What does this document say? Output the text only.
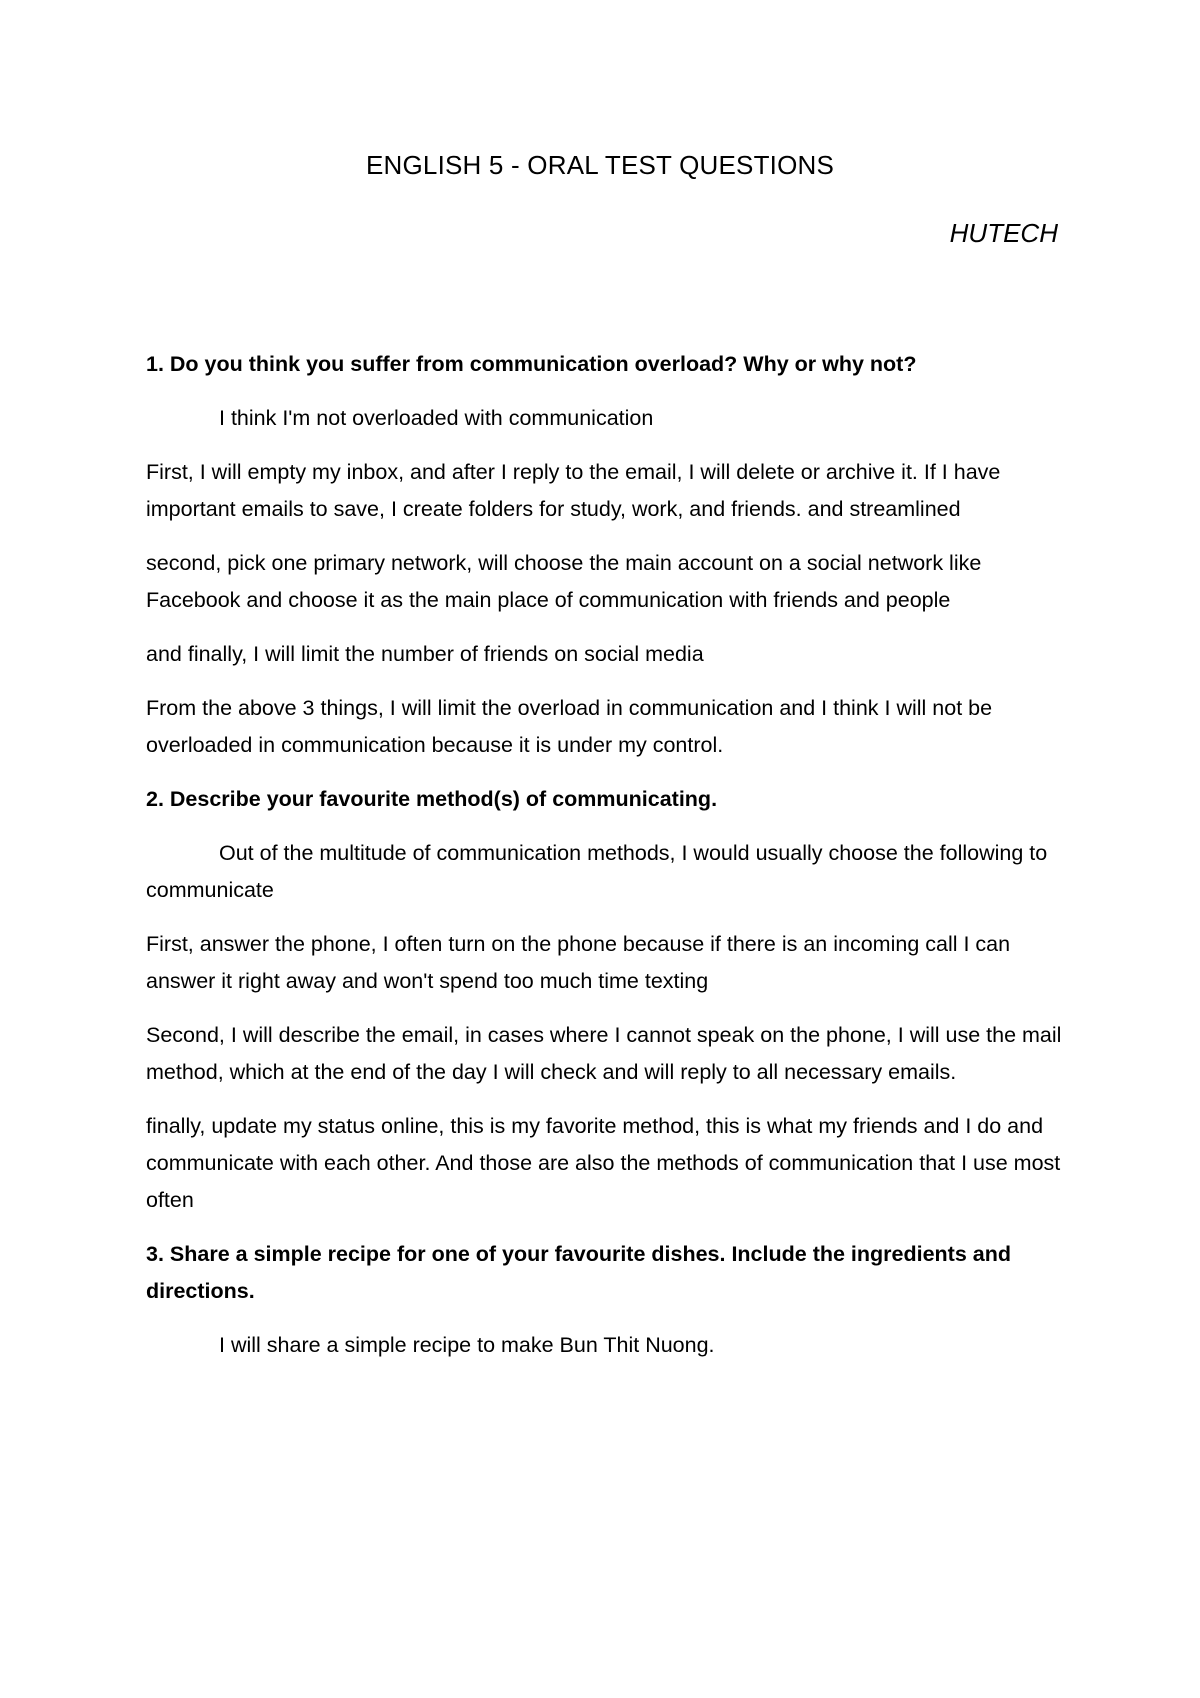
ENGLISH 5 - ORAL TEST QUESTIONS
HUTECH
1. Do you think you suffer from communication overload? Why or why not?
I think I'm not overloaded with communication
First, I will empty my inbox, and after I reply to the email, I will delete or archive it. If I have important emails to save, I create folders for study, work, and friends. and streamlined
second, pick one primary network, will choose the main account on a social network like Facebook and choose it as the main place of communication with friends and people
and finally, I will limit the number of friends on social media
From the above 3 things, I will limit the overload in communication and I think I will not be overloaded in communication because it is under my control.
2. Describe your favourite method(s) of communicating.
Out of the multitude of communication methods, I would usually choose the following to communicate
First, answer the phone, I often turn on the phone because if there is an incoming call I can answer it right away and won't spend too much time texting
Second, I will describe the email, in cases where I cannot speak on the phone, I will use the mail method, which at the end of the day I will check and will reply to all necessary emails.
finally, update my status online, this is my favorite method, this is what my friends and I do and communicate with each other. And those are also the methods of communication that I use most often
3. Share a simple recipe for one of your favourite dishes. Include the ingredients and directions.
I will share a simple recipe to make Bun Thit Nuong.
